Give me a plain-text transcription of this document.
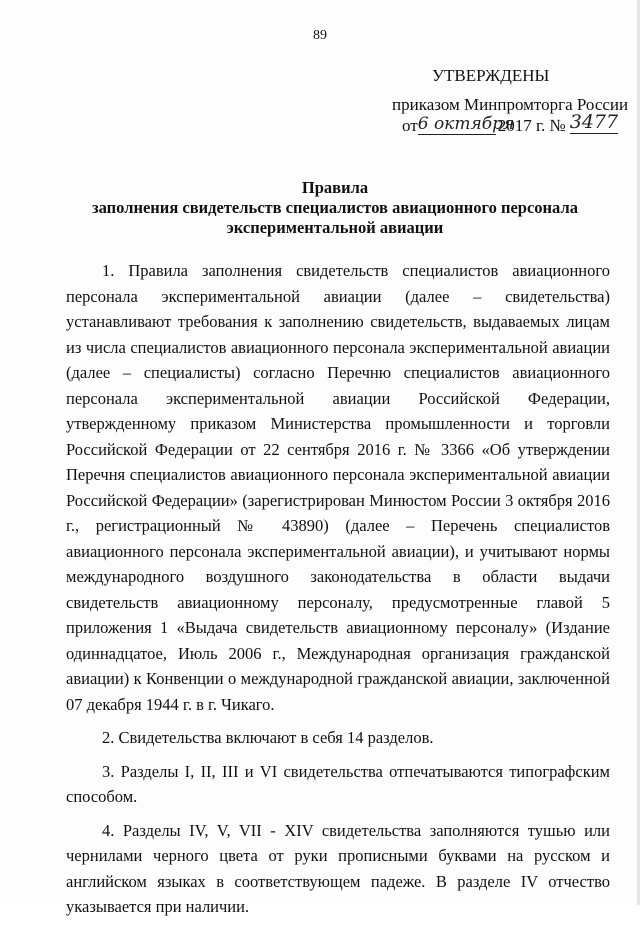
89
УТВЕРЖДЕНЫ
приказом Минпромторга России
от6 октября2017 г. № 3477
Правила
заполнения свидетельств специалистов авиационного персонала
экспериментальной авиации

1. Правила заполнения свидетельств специалистов авиационного персонала экспериментальной авиации (далее – свидетельства) устанавливают требования к заполнению свидетельств, выдаваемых лицам из числа специалистов авиационного персонала экспериментальной авиации (далее – специалисты) согласно Перечню специалистов авиационного персонала экспериментальной авиации Российской Федерации, утвержденному приказом Министерства промышленности и торговли Российской Федерации от 22 сентября 2016 г. № 3366 «Об утверждении Перечня специалистов авиационного персонала экспериментальной авиации Российской Федерации» (зарегистрирован Минюстом России 3 октября 2016 г., регистрационный № 43890) (далее – Перечень специалистов авиационного персонала экспериментальной авиации), и учитывают нормы международного воздушного законодательства в области выдачи свидетельств авиационному персоналу, предусмотренные главой 5 приложения 1 «Выдача свидетельств авиационному персоналу» (Издание одиннадцатое, Июль 2006 г., Международная организация гражданской авиации) к Конвенции о международной гражданской авиации, заключенной 07 декабря 1944 г. в г. Чикаго.

2. Свидетельства включают в себя 14 разделов.

3. Разделы I, II, III и VI свидетельства отпечатываются типографским способом.

4. Разделы IV, V, VII - XIV свидетельства заполняются тушью или чернилами черного цвета от руки прописными буквами на русском и английском языках в соответствующем падеже. В разделе IV отчество указывается при наличии.
